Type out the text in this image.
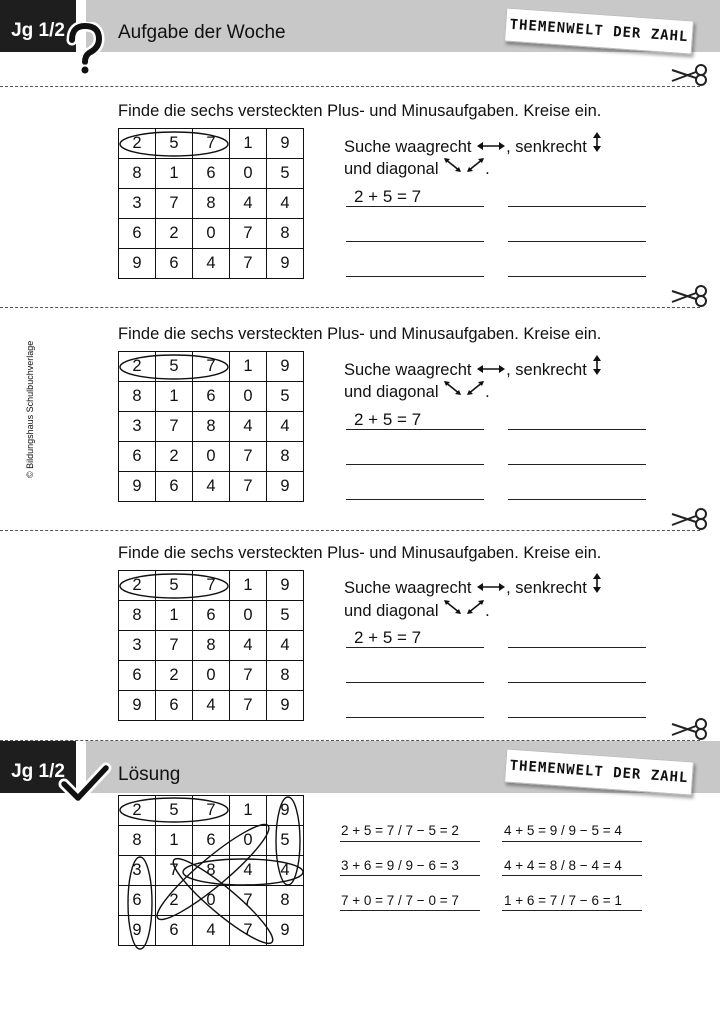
Jg 1/2	Aufgabe der Woche	THEMENWELT DER ZAHL
© Bildungshaus Schulbuchverlage
Finde die sechs versteckten Plus- und Minusaufgaben. Kreise ein.
2	5	7	1	9
8	1	6	0	5
3	7	8	4	4
6	2	0	7	8
9	6	4	7	9
Suche waagrecht , senkrecht
und diagonal	.
2 + 5 = 7
Finde die sechs versteckten Plus- und Minusaufgaben. Kreise ein.
2	5	7	1	9
8	1	6	0	5
3	7	8	4	4
6	2	0	7	8
9	6	4	7	9
Suche waagrecht , senkrecht
und diagonal	.
2 + 5 = 7
Finde die sechs versteckten Plus- und Minusaufgaben. Kreise ein.
2	5	7	1	9
8	1	6	0	5
3	7	8	4	4
6	2	0	7	8
9	6	4	7	9
Suche waagrecht , senkrecht
und diagonal	.
2 + 5 = 7
Jg 1/2	Lösung	THEMENWELT DER ZAHL
2	5	7	1	9
8	1	6	0	5
3	7	8	4	4
6	2	0	7	8
9	6	4	7	9
2 + 5 = 7 / 7 − 5 = 2	4 + 5 = 9 / 9 − 5 = 4
3 + 6 = 9 / 9 − 6 = 3	4 + 4 = 8 / 8 − 4 = 4
7 + 0 = 7 / 7 − 0 = 7	1 + 6 = 7 / 7 − 6 = 1
